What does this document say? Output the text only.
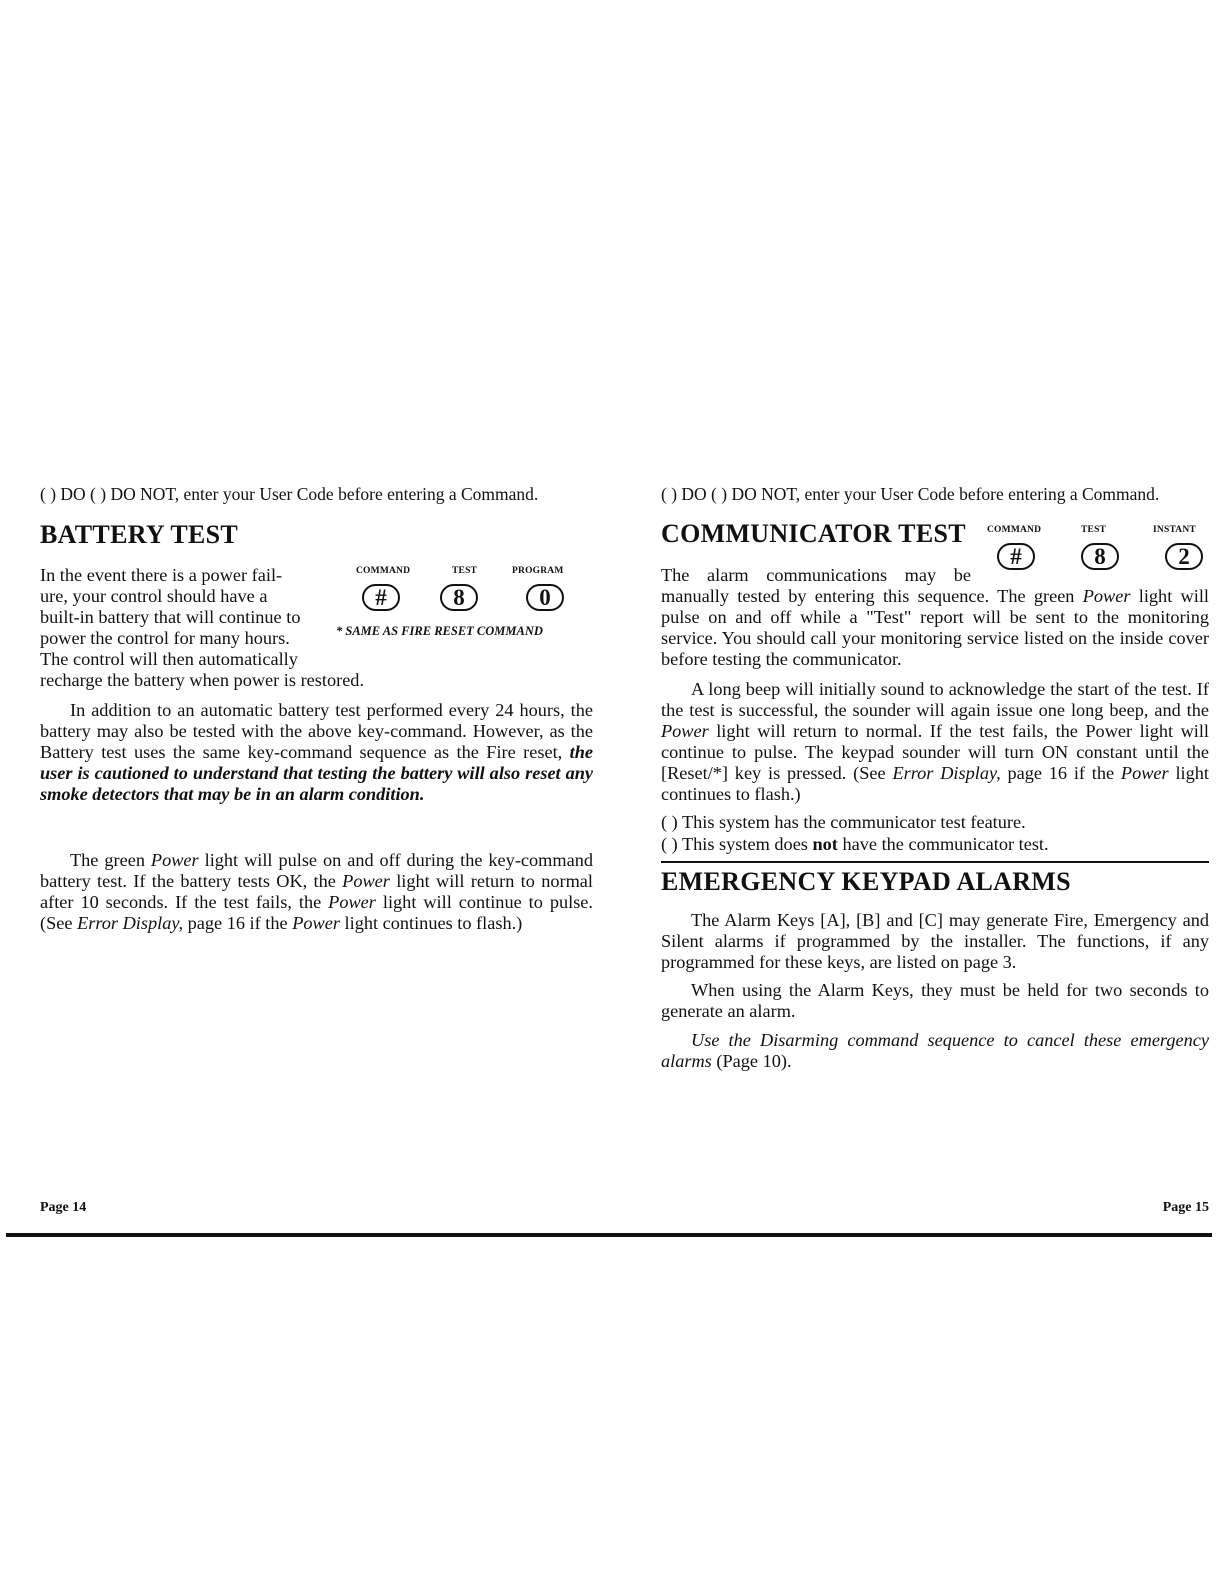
( ) DO ( ) DO NOT, enter your User Code before entering a Command.
BATTERY TEST
COMMAND	TEST	PROGRAM
#	8	0
* SAME AS FIRE RESET COMMAND

In the event there is a power fail-

ure, your control should have a

built-in battery that will continue to

power the control for many hours.

The control will then automatically

recharge the battery when power is restored.

In addition to an automatic battery test performed every 24 hours, the battery may also be tested with the above key-command. However, as the Battery test uses the same key-command sequence as the Fire reset, the user is cautioned to understand that testing the battery will also reset any smoke detectors that may be in an alarm condition.

The green Power light will pulse on and off during the key-command battery test. If the battery tests OK, the Power light will return to normal after 10 seconds. If the test fails, the Power light will continue to pulse. (See Error Display, page 16 if the Power light continues to flash.)

Page 14
( ) DO ( ) DO NOT, enter your User Code before entering a Command.
COMMUNICATOR TEST COMMAND	TEST	INSTANT
#	8	2

The alarm communications may be

manually tested by entering this sequence. The green Power light will pulse on and off while a "Test" report will be sent to the monitoring service. You should call your monitoring service listed on the inside cover before testing the communicator.

A long beep will initially sound to acknowledge the start of the test. If the test is successful, the sounder will again issue one long beep, and the Power light will return to normal. If the test fails, the Power light will continue to pulse. The keypad sounder will turn ON constant until the [Reset/*] key is pressed. (See Error Display, page 16 if the Power light continues to flash.)

( ) This system has the communicator test feature.

( ) This system does not have the communicator test.

EMERGENCY KEYPAD ALARMS

The Alarm Keys [A], [B] and [C] may generate Fire, Emergency and Silent alarms if programmed by the installer. The functions, if any programmed for these keys, are listed on page 3.

When using the Alarm Keys, they must be held for two seconds to generate an alarm.

Use the Disarming command sequence to cancel these emergency alarms (Page 10).

Page 15
